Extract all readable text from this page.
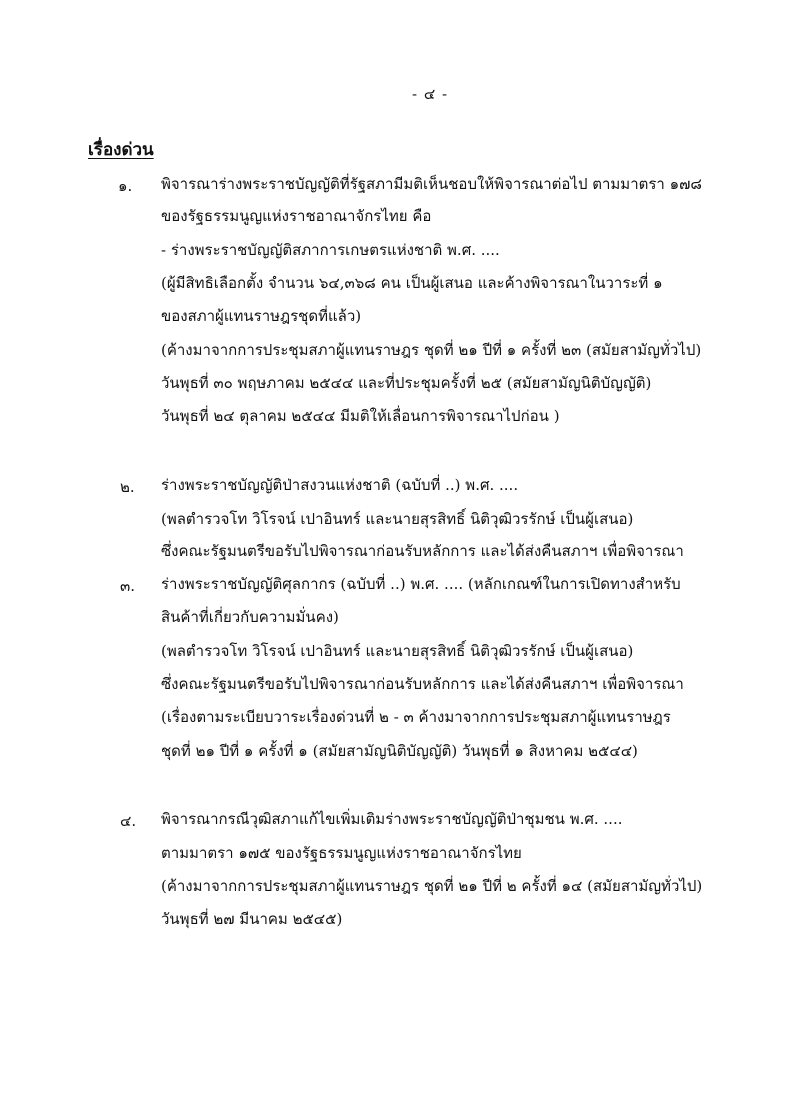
- ๔ -
เรื่องด่วน
๑. พิจารณาร่างพระราชบัญญัติที่รัฐสภามีมติเห็นชอบให้พิจารณาต่อไป ตามมาตรา ๑๗๘
ของรัฐธรรมนูญแห่งราชอาณาจักรไทย คือ
- ร่างพระราชบัญญัติสภาการเกษตรแห่งชาติ พ.ศ. ....
(ผู้มีสิทธิเลือกตั้ง จำนวน ๖๔,๓๖๘ คน เป็นผู้เสนอ และค้างพิจารณาในวาระที่ ๑
ของสภาผู้แทนราษฎรชุดที่แล้ว)
(ค้างมาจากการประชุมสภาผู้แทนราษฎร ชุดที่ ๒๑ ปีที่ ๑ ครั้งที่ ๒๓ (สมัยสามัญทั่วไป)
วันพุธที่ ๓๐ พฤษภาคม ๒๕๔๔ และที่ประชุมครั้งที่ ๒๕ (สมัยสามัญนิติบัญญัติ)
วันพุธที่ ๒๔ ตุลาคม ๒๕๔๔ มีมติให้เลื่อนการพิจารณาไปก่อน )
๒. ร่างพระราชบัญญัติป่าสงวนแห่งชาติ (ฉบับที่ ..) พ.ศ. ....
(พลตำรวจโท วิโรจน์ เปาอินทร์ และนายสุรสิทธิ์ นิติวุฒิวรรักษ์ เป็นผู้เสนอ)
ซึ่งคณะรัฐมนตรีขอรับไปพิจารณาก่อนรับหลักการ และได้ส่งคืนสภาฯ เพื่อพิจารณา
๓. ร่างพระราชบัญญัติศุลกากร (ฉบับที่ ..) พ.ศ. .... (หลักเกณฑ์ในการเปิดทางสำหรับ
สินค้าที่เกี่ยวกับความมั่นคง)
(พลตำรวจโท วิโรจน์ เปาอินทร์ และนายสุรสิทธิ์ นิติวุฒิวรรักษ์ เป็นผู้เสนอ)
ซึ่งคณะรัฐมนตรีขอรับไปพิจารณาก่อนรับหลักการ และได้ส่งคืนสภาฯ เพื่อพิจารณา
(เรื่องตามระเบียบวาระเรื่องด่วนที่ ๒ - ๓ ค้างมาจากการประชุมสภาผู้แทนราษฎร
ชุดที่ ๒๑ ปีที่ ๑ ครั้งที่ ๑ (สมัยสามัญนิติบัญญัติ) วันพุธที่ ๑ สิงหาคม ๒๕๔๔)
๔. พิจารณากรณีวุฒิสภาแก้ไขเพิ่มเติมร่างพระราชบัญญัติป่าชุมชน พ.ศ. ....
ตามมาตรา ๑๗๕ ของรัฐธรรมนูญแห่งราชอาณาจักรไทย
(ค้างมาจากการประชุมสภาผู้แทนราษฎร ชุดที่ ๒๑ ปีที่ ๒ ครั้งที่ ๑๔ (สมัยสามัญทั่วไป)
วันพุธที่ ๒๗ มีนาคม ๒๕๔๕)
